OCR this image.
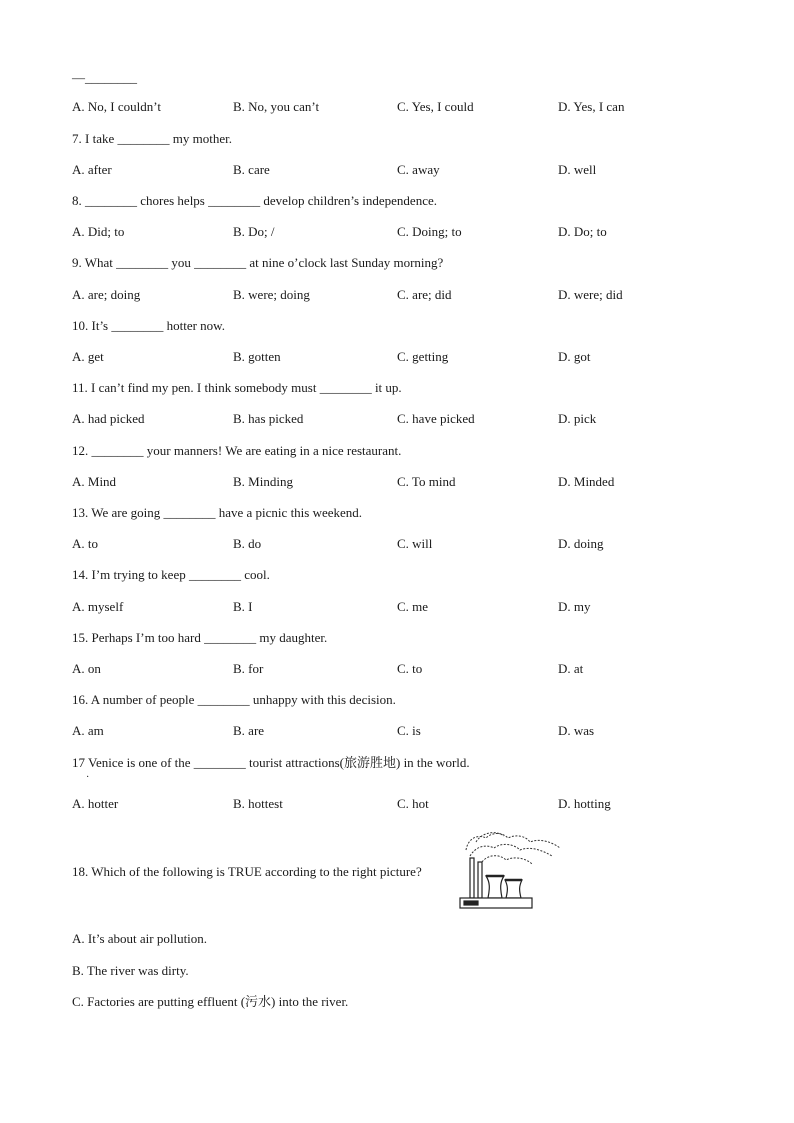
—________
A. No, I couldn’t	B. No, you can’t	C. Yes, I could	D. Yes, I can
7. I take ________ my mother.
A. after	B. care	C. away	D. well
8. ________ chores helps ________ develop children’s independence.
A. Did; to	B. Do; /	C. Doing; to	D. Do; to
9. What ________ you ________ at nine o’clock last Sunday morning?
A. are; doing	B. were; doing	C. are; did	D. were; did
10. It’s ________ hotter now.
A. get	B. gotten	C. getting	D. got
11. I can’t find my pen. I think somebody must ________ it up.
A. had picked	B. has picked	C. have picked	D. pick
12. ________ your manners! We are eating in a nice restaurant.
A. Mind	B. Minding	C. To mind	D. Minded
13. We are going ________ have a picnic this weekend.
A. to	B. do	C. will	D. doing
14. I’m trying to keep ________ cool.
A. myself	B. I	C. me	D. my
15. Perhaps I’m too hard ________ my daughter.
A. on	B. for	C. to	D. at
16. A number of people ________ unhappy with this decision.
A. am	B. are	C. is	D. was
17 Venice is one of the ________ tourist attractions(旅游胜地) in the world.
·
A. hotter	B. hottest	C. hot	D. hotting
18. Which of the following is TRUE according to the right picture?
A. It’s about air pollution.
B. The river was dirty.
C. Factories are putting effluent (污水) into the river.
